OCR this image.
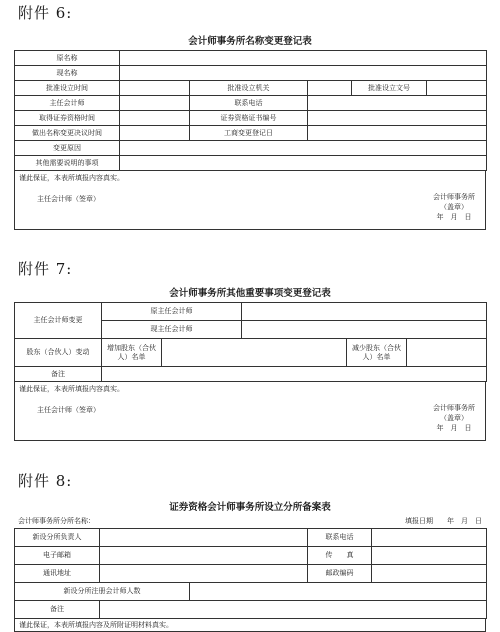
附件 6:
会计师事务所名称变更登记表
原名称					
现名称					
批准设立时间		批准设立机关		批准设立文号	
主任会计师		联系电话			
取得证券资格时间		证券资格证书编号			
做出名称变更决议时间		工商变更登记日			
变更原因					
其他需要说明的事项					
谨此保证，本表所填报内容真实。
主任会计师（签章）	会计师事务所
（盖章）
年　月　日
附件 7:
会计师事务所其他重要事项变更登记表
主任会计师变更	原主任会计师				
	现主任会计师				
股东（合伙人）变动	增加股东（合伙人）名单			减少股东（合伙人）名单	
备注					
谨此保证，本表所填报内容真实。
主任会计师（签章）	会计师事务所
（盖章）
年　月　日
附件 8:
证券资格会计师事务所设立分所备案表
会计师事务所分所名称：	填报日期　　年　月　日
新设分所负责人			联系电话	
电子邮箱			传　　真	
通讯地址			邮政编码	
新设分所注册会计师人数				
备注				
谨此保证，本表所填报内容及所附证明材料真实。
